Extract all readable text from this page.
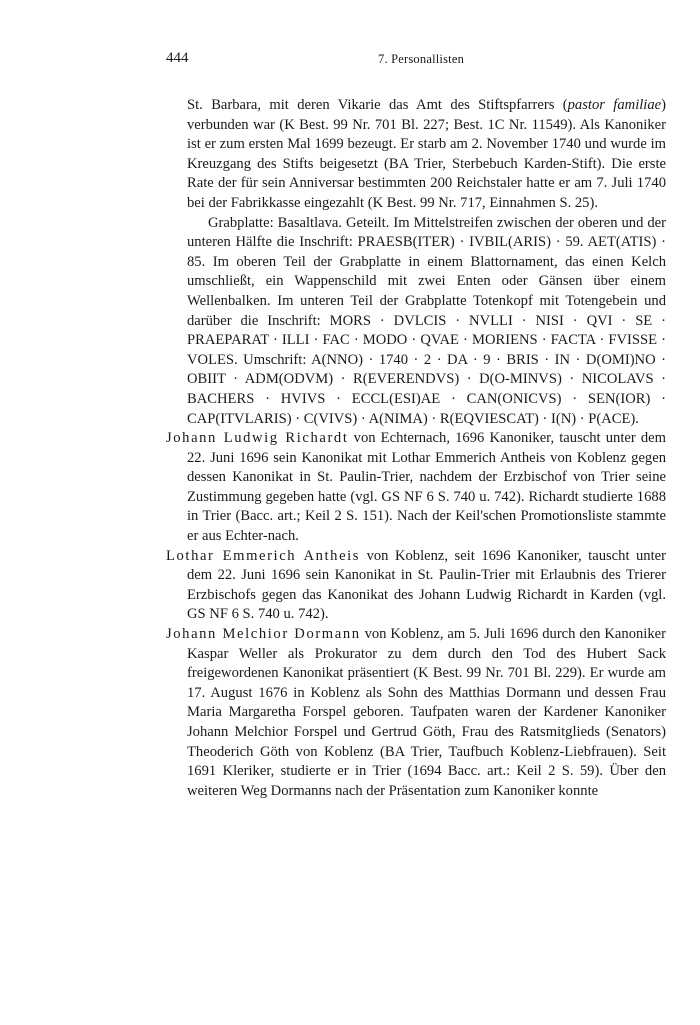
444	7. Personallisten

St. Barbara, mit deren Vikarie das Amt des Stiftspfarrers (pastor familiae) verbunden war (K Best. 99 Nr. 701 Bl. 227; Best. 1C Nr. 11549). Als Kanoniker ist er zum ersten Mal 1699 bezeugt. Er starb am 2. November 1740 und wurde im Kreuzgang des Stifts beigesetzt (BA Trier, Sterbebuch Karden-Stift). Die erste Rate der für sein Anniversar bestimmten 200 Reichstaler hatte er am 7. Juli 1740 bei der Fabrikkasse eingezahlt (K Best. 99 Nr. 717, Einnahmen S. 25).

Grabplatte: Basaltlava. Geteilt. Im Mittelstreifen zwischen der oberen und der unteren Hälfte die Inschrift: PRAESB(ITER) · IVBIL(ARIS) · 59. AET(ATIS) · 85. Im oberen Teil der Grabplatte in einem Blattornament, das einen Kelch umschließt, ein Wappenschild mit zwei Enten oder Gänsen über einem Wellenbalken. Im unteren Teil der Grabplatte Totenkopf mit Totengebein und darüber die Inschrift: MORS · DVLCIS · NVLLI · NISI · QVI · SE · PRAEPARAT · ILLI · FAC · MODO · QVAE · MORIENS · FACTA · FVISSE · VOLES. Umschrift: A(NNO) · 1740 · 2 · DA · 9 · BRIS · IN · D(OMI)NO · OBIIT · ADM(ODVM) · R(EVERENDVS) · D(O-MINVS) · NICOLAVS · BACHERS · HVIVS · ECCL(ESI)AE · CAN(ONICVS) · SEN(IOR) · CAP(ITVLARIS) · C(VIVS) · A(NIMA) · R(EQVIESCAT) · I(N) · P(ACE).

Johann Ludwig Richardt von Echternach, 1696 Kanoniker, tauscht unter dem 22. Juni 1696 sein Kanonikat mit Lothar Emmerich Antheis von Koblenz gegen dessen Kanonikat in St. Paulin-Trier, nachdem der Erzbischof von Trier seine Zustimmung gegeben hatte (vgl. GS NF 6 S. 740 u. 742). Richardt studierte 1688 in Trier (Bacc. art.; Keil 2 S. 151). Nach der Keil'schen Promotionsliste stammte er aus Echter-nach.

Lothar Emmerich Antheis von Koblenz, seit 1696 Kanoniker, tauscht unter dem 22. Juni 1696 sein Kanonikat in St. Paulin-Trier mit Erlaubnis des Trierer Erzbischofs gegen das Kanonikat des Johann Ludwig Richardt in Karden (vgl. GS NF 6 S. 740 u. 742).

Johann Melchior Dormann von Koblenz, am 5. Juli 1696 durch den Kanoniker Kaspar Weller als Prokurator zu dem durch den Tod des Hubert Sack freigewordenen Kanonikat präsentiert (K Best. 99 Nr. 701 Bl. 229). Er wurde am 17. August 1676 in Koblenz als Sohn des Matthias Dormann und dessen Frau Maria Margaretha Forspel geboren. Taufpaten waren der Kardener Kanoniker Johann Melchior Forspel und Gertrud Göth, Frau des Ratsmitglieds (Senators) Theoderich Göth von Koblenz (BA Trier, Taufbuch Koblenz-Liebfrauen). Seit 1691 Kleriker, studierte er in Trier (1694 Bacc. art.: Keil 2 S. 59). Über den weiteren Weg Dormanns nach der Präsentation zum Kanoniker konnte
